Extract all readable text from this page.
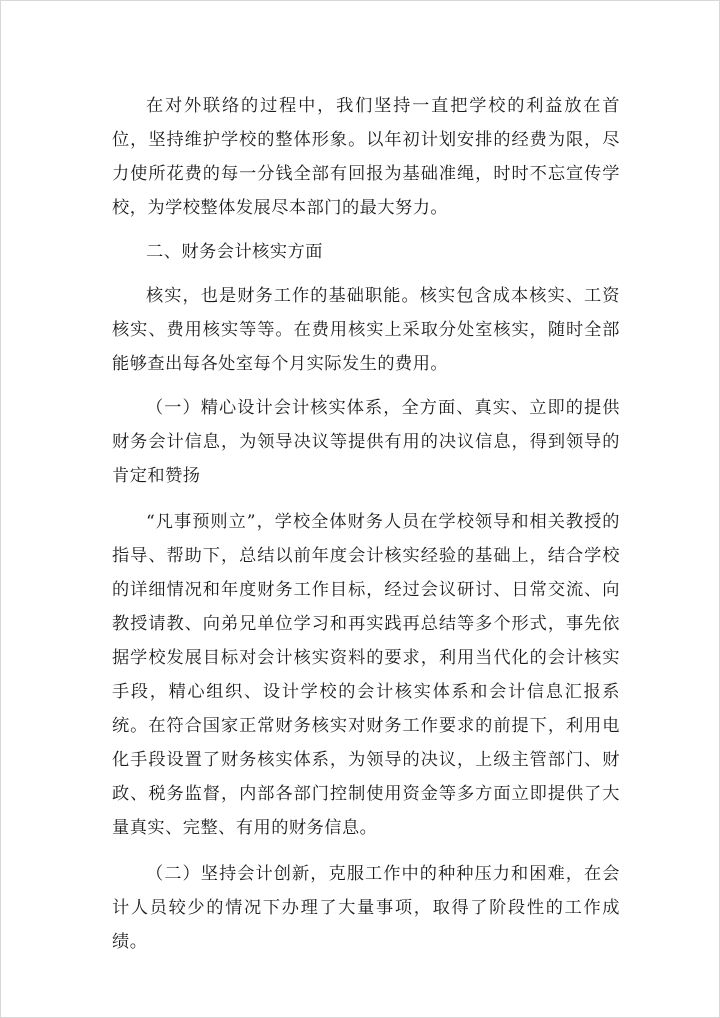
在对外联络的过程中，我们坚持一直把学校的利益放在首位，坚持维护学校的整体形象。以年初计划安排的经费为限，尽力使所花费的每一分钱全部有回报为基础准绳，时时不忘宣传学校，为学校整体发展尽本部门的最大努力。

二、财务会计核实方面

核实，也是财务工作的基础职能。核实包含成本核实、工资核实、费用核实等等。在费用核实上采取分处室核实，随时全部能够查出每各处室每个月实际发生的费用。

（一）精心设计会计核实体系，全方面、真实、立即的提供财务会计信息，为领导决议等提供有用的决议信息，得到领导的肯定和赞扬

“凡事预则立”，学校全体财务人员在学校领导和相关教授的指导、帮助下，总结以前年度会计核实经验的基础上，结合学校的详细情况和年度财务工作目标，经过会议研讨、日常交流、向教授请教、向弟兄单位学习和再实践再总结等多个形式，事先依据学校发展目标对会计核实资料的要求，利用当代化的会计核实手段，精心组织、设计学校的会计核实体系和会计信息汇报系统。在符合国家正常财务核实对财务工作要求的前提下，利用电化手段设置了财务核实体系，为领导的决议，上级主管部门、财政、税务监督，内部各部门控制使用资金等多方面立即提供了大量真实、完整、有用的财务信息。

（二）坚持会计创新，克服工作中的种种压力和困难，在会计人员较少的情况下办理了大量事项，取得了阶段性的工作成绩。
